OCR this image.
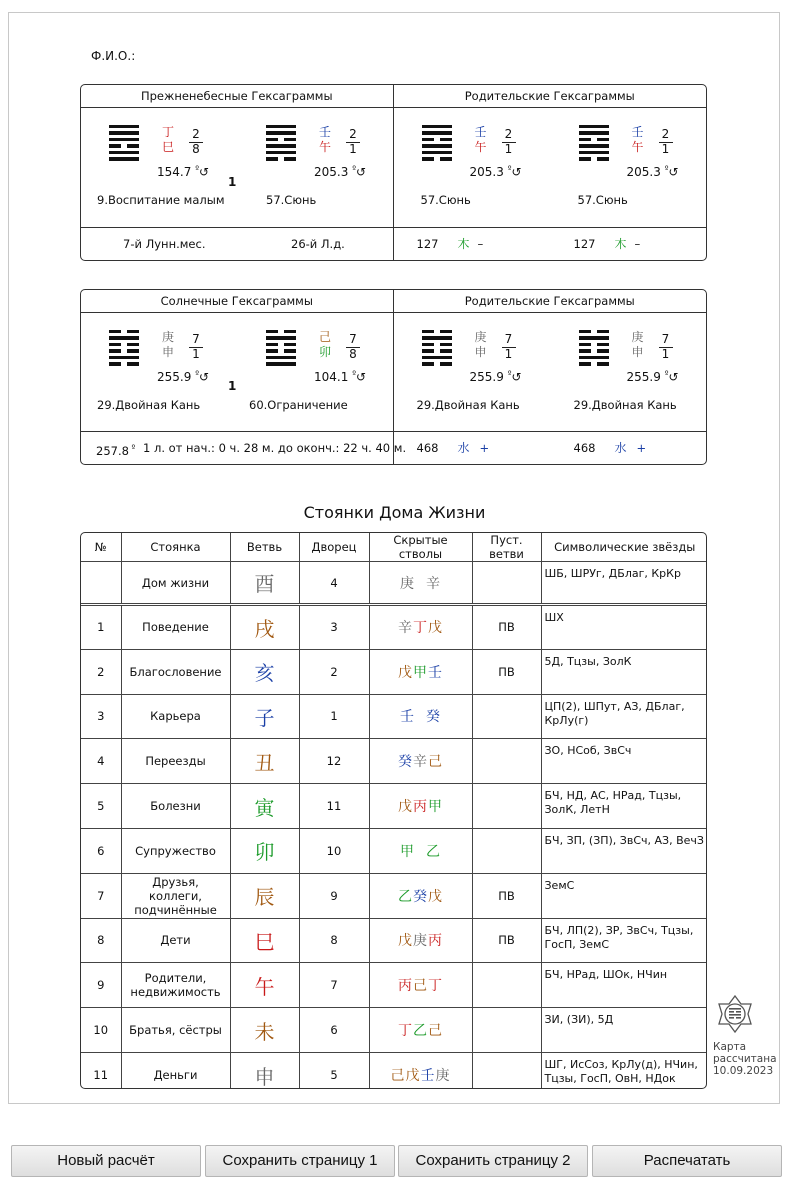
Ф.И.О.:
Прежненебесные Гексаграммы
丁
巳 $\frac{2}{8}$
154.7 $^º$↺
9.Воспитание малым
壬
午 $\frac{2}{1}$
205.3 $^º$↺
57.Сюнь
1
7-й Лунн.мес.	26-й Л.д.
Родительские Гексаграммы
壬
午 $\frac{2}{1}$
205.3 $^º$↺
57.Сюнь
壬
午 $\frac{2}{1}$
205.3 $^º$↺
57.Сюнь
127 木 –	127 木 –
Солнечные Гексаграммы
庚
申 $\frac{7}{1}$
255.9 $^º$↺
29.Двойная Кань
己
卯 $\frac{7}{8}$
104.1 $^º$↺
60.Ограничение
1
257.8 $^º$ 1 л. от нач.: 0 ч. 28 м. до оконч.: 22 ч. 40 м.
Родительские Гексаграммы
庚
申 $\frac{7}{1}$
255.9 $^º$↺
29.Двойная Кань
庚
申 $\frac{7}{1}$
255.9 $^º$↺
29.Двойная Кань
468 水 +	468 水 +
Стоянки Дома Жизни
№	Стоянка	Ветвь	Дворец	Скрытые стволы	Пуст. ветви	Символические звёзды
	Дом жизни	酉	4	庚 辛		ШБ, ШРУг, ДБлаг, КрКр
1	Поведение	戌	3	辛丁戊	ПВ	ШХ
2	Благословение	亥	2	戊甲壬	ПВ	5Д, Тцзы, ЗолК
3	Карьера	子	1	壬 癸		ЦП(2), ШПут, АЗ, ДБлаг, КрЛу(г)
4	Переезды	丑	12	癸辛己		ЗО, НСоб, ЗвСч
5	Болезни	寅	11	戊丙甲		БЧ, НД, АС, НРад, Тцзы, ЗолК, ЛетН
6	Супружество	卯	10	甲 乙		БЧ, ЗП, (ЗП), ЗвСч, АЗ, ВечЗ
7	Друзья, коллеги, подчинённые	辰	9	乙癸戊	ПВ	ЗемС
8	Дети	巳	8	戊庚丙	ПВ	БЧ, ЛП(2), ЗР, ЗвСч, Тцзы, ГосП, ЗемС
9	Родители, недвижимость	午	7	丙己丁		БЧ, НРад, ШОк, НЧин
10	Братья, сёстры	未	6	丁乙己		ЗИ, (ЗИ), 5Д
11	Деньги	申	5	己戊壬庚		ШГ, ИсСоз, КрЛу(д), НЧин, Тцзы, ГосП, ОвН, НДок
Карта
рассчитана
10.09.2023
Новый расчёт	Сохранить страницу 1	Сохранить страницу 2	Распечатать
